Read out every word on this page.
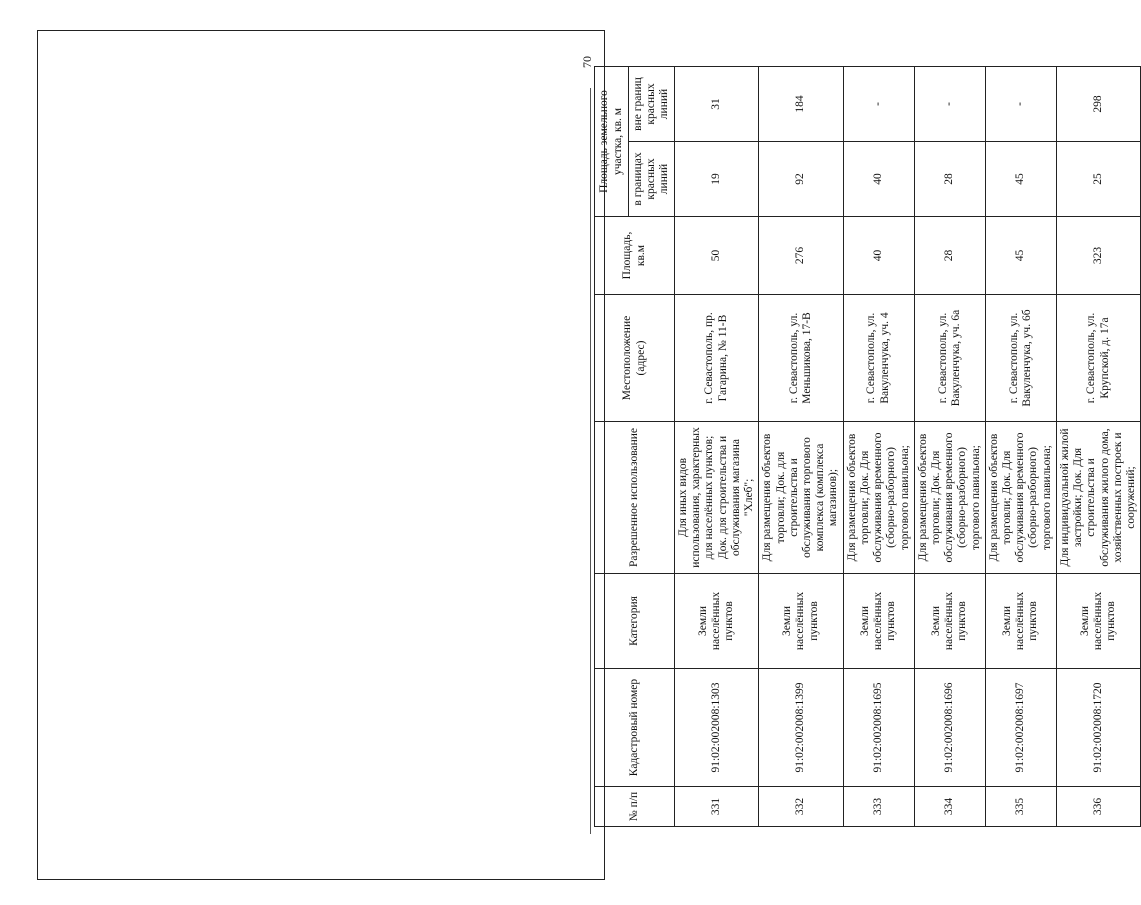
70
№ п/п	Кадастровый номер	Категория	Разрешенное использование	Местоположение (адрес)	Площадь, кв.м	Площадь земельного участка, кв. м	
						в границах красных линий	вне границ красных линий
331	91:02:002008:1303	Земли населённых пунктов	Для иных видов использования, характерных для населённых пунктов; Док. для строительства и обслуживания магазина "Хлеб";	г. Севастополь, пр. Гагарина, № 11-В	50	19	31
332	91:02:002008:1399	Земли населённых пунктов	Для размещения объектов торговли; Док. для строительства и обслуживания торгового комплекса (комплекса магазинов);	г. Севастополь, ул. Меньшикова, 17-В	276	92	184
333	91:02:002008:1695	Земли населённых пунктов	Для размещения объектов торговли; Док. Для обслуживания временного (сборно-разборного) торгового павильона;	г. Севастополь, ул. Вакуленчука, уч. 4	40	40	-
334	91:02:002008:1696	Земли населённых пунктов	Для размещения объектов торговли; Док. Для обслуживания временного (сборно-разборного) торгового павильона;	г. Севастополь, ул. Вакуленчука, уч. 6а	28	28	-
335	91:02:002008:1697	Земли населённых пунктов	Для размещения объектов торговли; Док. Для обслуживания временного (сборно-разборного) торгового павильона;	г. Севастополь, ул. Вакуленчука, уч. 6б	45	45	-
336	91:02:002008:1720	Земли населённых пунктов	Для индивидуальной жилой застройки; Док. Для строительства и обслуживания жилого дома, хозяйственных построек и сооружений;	г. Севастополь, ул. Крупской, д. 17а	323	25	298
